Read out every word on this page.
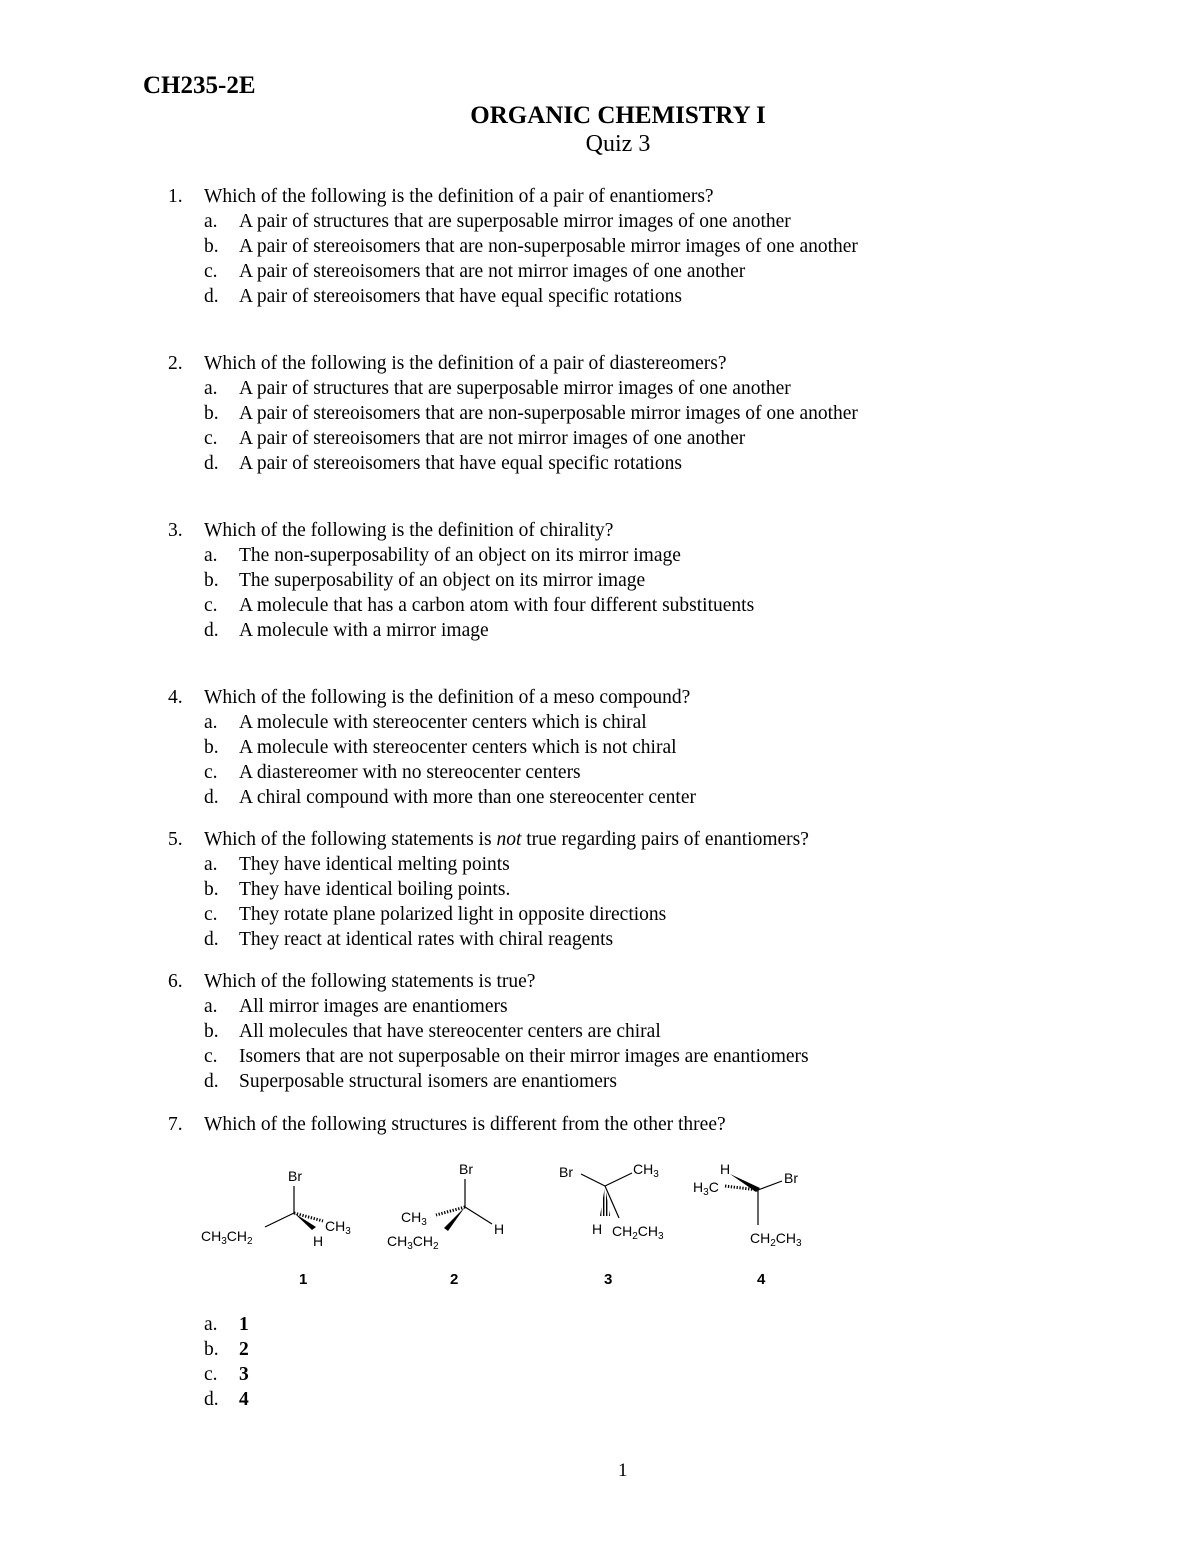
CH235-2E
ORGANIC CHEMISTRY I
Quiz 3
1.	Which of the following is the definition of a pair of enantiomers?
a.	A pair of structures that are superposable mirror images of one another
b.	A pair of stereoisomers that are non-superposable mirror images of one another
c.	A pair of stereoisomers that are not mirror images of one another
d.	A pair of stereoisomers that have equal specific rotations
2.	Which of the following is the definition of a pair of diastereomers?
a.	A pair of structures that are superposable mirror images of one another
b.	A pair of stereoisomers that are non-superposable mirror images of one another
c.	A pair of stereoisomers that are not mirror images of one another
d.	A pair of stereoisomers that have equal specific rotations
3.	Which of the following is the definition of chirality?
a.	The non-superposability of an object on its mirror image
b.	The superposability of an object on its mirror image
c.	A molecule that has a carbon atom with four different substituents
d.	A molecule with a mirror image
4.	Which of the following is the definition of a meso compound?
a.	A molecule with stereocenter centers which is chiral
b.	A molecule with stereocenter centers which is not chiral
c.	A diastereomer with no stereocenter centers
d.	A chiral compound with more than one stereocenter center
5.	Which of the following statements is not true regarding pairs of enantiomers?
a.	They have identical melting points
b.	They have identical boiling points.
c.	They rotate plane polarized light in opposite directions
d.	They react at identical rates with chiral reagents
6.	Which of the following statements is true?
a.	All mirror images are enantiomers
b.	All molecules that have stereocenter centers are chiral
c.	Isomers that are not superposable on their mirror images are enantiomers
d.	Superposable structural isomers are enantiomers
7.	Which of the following structures is different from the other three?
Br
$CH_3$
H
$CH_3CH_2$
1
Br
$CH_3$	H
$CH_3CH_2$
2
Br	$CH_3$
H $CH_2CH_3$
3
H
$H_3C$
Br
$CH_2CH_3$
4
a.	1
b.	2
c.	3
d.	4
1
